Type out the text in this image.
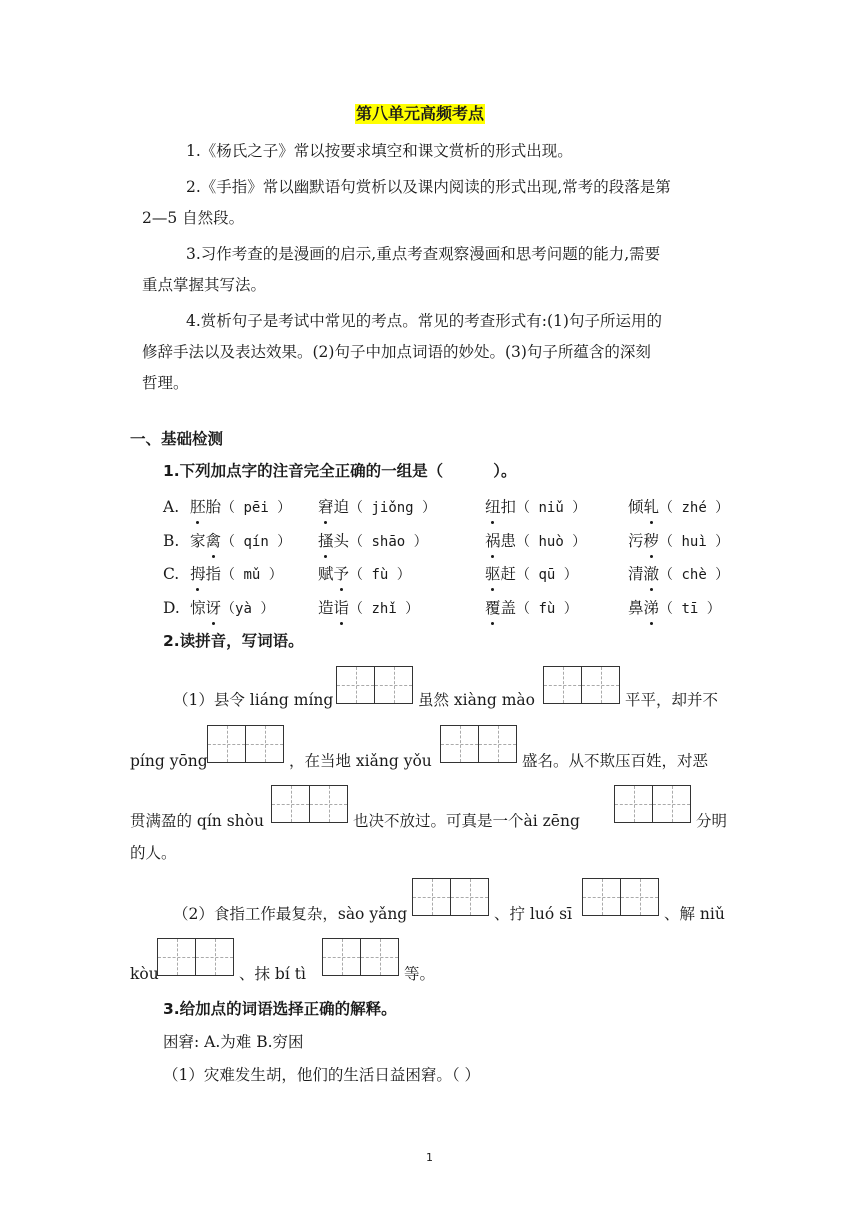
第八单元高频考点
1.《杨氏之子》常以按要求填空和课文赏析的形式出现。
2.《手指》常以幽默语句赏析以及课内阅读的形式出现,常考的段落是第
2—5 自然段。
3.习作考查的是漫画的启示,重点考查观察漫画和思考问题的能力,需要
重点掌握其写法。
4.赏析句子是考试中常见的考点。常见的考查形式有:(1)句子所运用的
修辞手法以及表达效果。(2)句子中加点词语的妙处。(3)句子所蕴含的深刻
哲理。
一、基础检测
1.下列加点字的注音完全正确的一组是（	）。
A. 胚胎（ pēi ） 窘迫（ jiǒng ）	纽扣（ niǔ ）	倾轧（ zhé ）
B. 家禽（ qín ） 搔头（ shāo ）	祸患（ huò ）	污秽（ huì ）
C. 拇指（ mǔ ） 赋予（ fù ）	驱赶（ qū ）	清澈（ chè ）
D. 惊讶（yà ）	造诣（ zhǐ ）	覆盖（ fù ）	鼻涕（ tī ）
2.读拼音，写词语。
（1）县令 liáng míng	虽然 xiàng mào	平平，却并不
píng yōng	，在当地 xiǎng yǒu	盛名。从不欺压百姓，对恶
贯满盈的 qín shòu	也决不放过。可真是一个ài zēng	分明
的人。
（2）食指工作最复杂，sào yǎng	、拧 luó sī	、解 niǔ
kòu	、抹 bí tì	等。
3.给加点的词语选择正确的解释。
困窘: A.为难 B.穷困
（1）灾难发生胡，他们的生活日益困窘。（ ）
1
